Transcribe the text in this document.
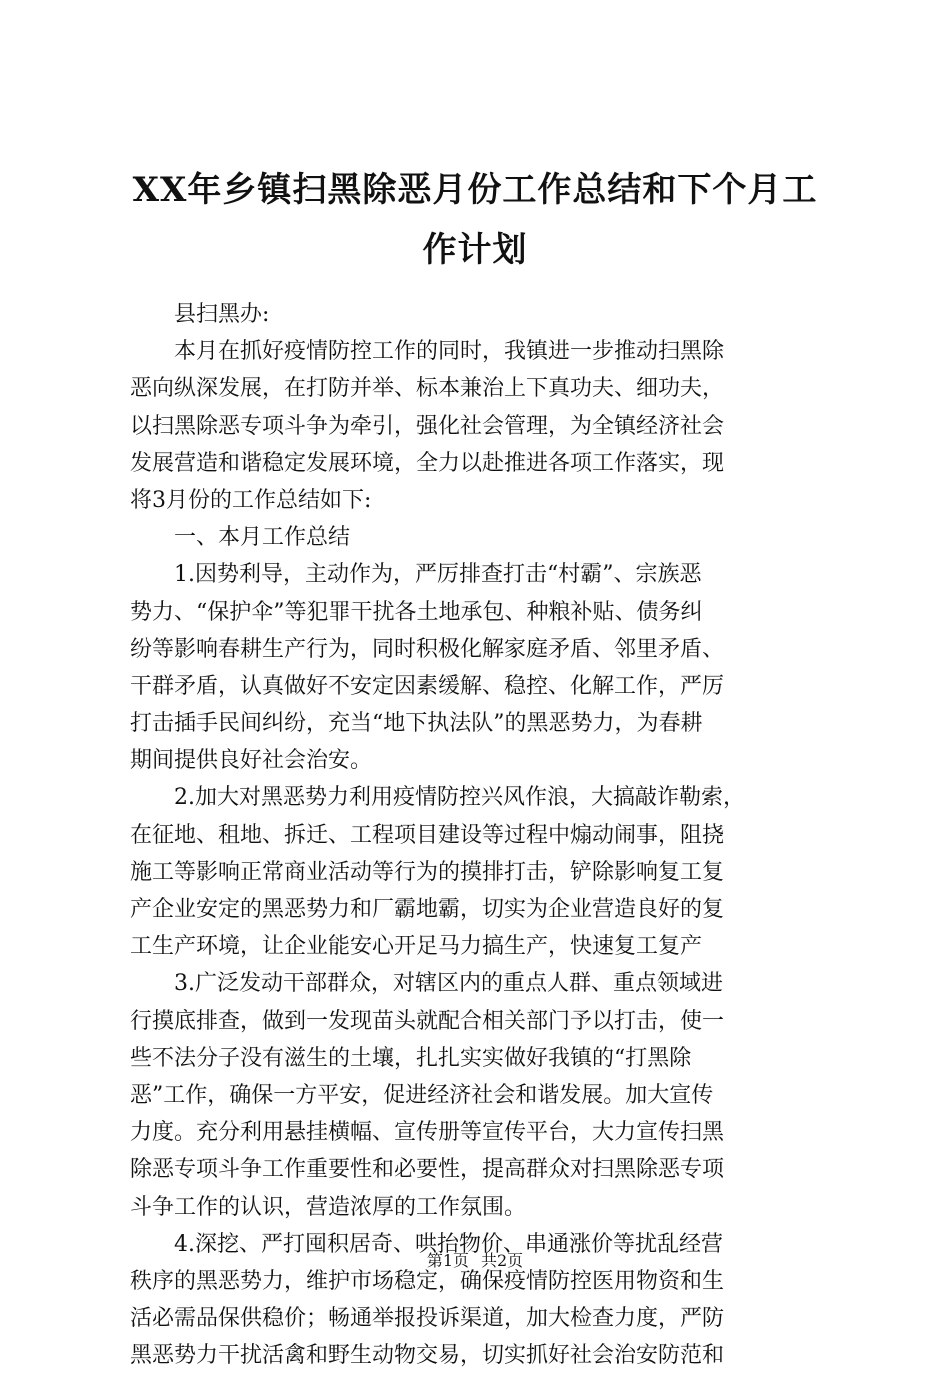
XX年乡镇扫黑除恶月份工作总结和下个月工
作计划
县扫黑办:
本月在抓好疫情防控工作的同时，我镇进一步推动扫黑除
恶向纵深发展，在打防并举、标本兼治上下真功夫、细功夫，
以扫黑除恶专项斗争为牵引，强化社会管理，为全镇经济社会
发展营造和谐稳定发展环境，全力以赴推进各项工作落实，现
将3月份的工作总结如下:
一、本月工作总结
1.因势利导，主动作为，严厉排查打击“村霸”、宗族恶
势力、“保护伞”等犯罪干扰各土地承包、种粮补贴、债务纠
纷等影响春耕生产行为，同时积极化解家庭矛盾、邻里矛盾、
干群矛盾，认真做好不安定因素缓解、稳控、化解工作，严厉
打击插手民间纠纷，充当“地下执法队”的黑恶势力，为春耕
期间提供良好社会治安。
2.加大对黑恶势力利用疫情防控兴风作浪，大搞敲诈勒索，
在征地、租地、拆迁、工程项目建设等过程中煽动闹事，阻挠
施工等影响正常商业活动等行为的摸排打击，铲除影响复工复
产企业安定的黑恶势力和厂霸地霸，切实为企业营造良好的复
工生产环境，让企业能安心开足马力搞生产，快速复工复产
3.广泛发动干部群众，对辖区内的重点人群、重点领域进
行摸底排查，做到一发现苗头就配合相关部门予以打击，使一
些不法分子没有滋生的土壤，扎扎实实做好我镇的“打黑除
恶”工作，确保一方平安，促进经济社会和谐发展。加大宣传
力度。充分利用悬挂横幅、宣传册等宣传平台，大力宣传扫黑
除恶专项斗争工作重要性和必要性，提高群众对扫黑除恶专项
斗争工作的认识，营造浓厚的工作氛围。
4.深挖、严打囤积居奇、哄抬物价、串通涨价等扰乱经营
秩序的黑恶势力，维护市场稳定，确保疫情防控医用物资和生
活必需品保供稳价；畅通举报投诉渠道，加大检查力度，严防
黑恶势力干扰活禽和野生动物交易，切实抓好社会治安防范和
第1页 共2页
